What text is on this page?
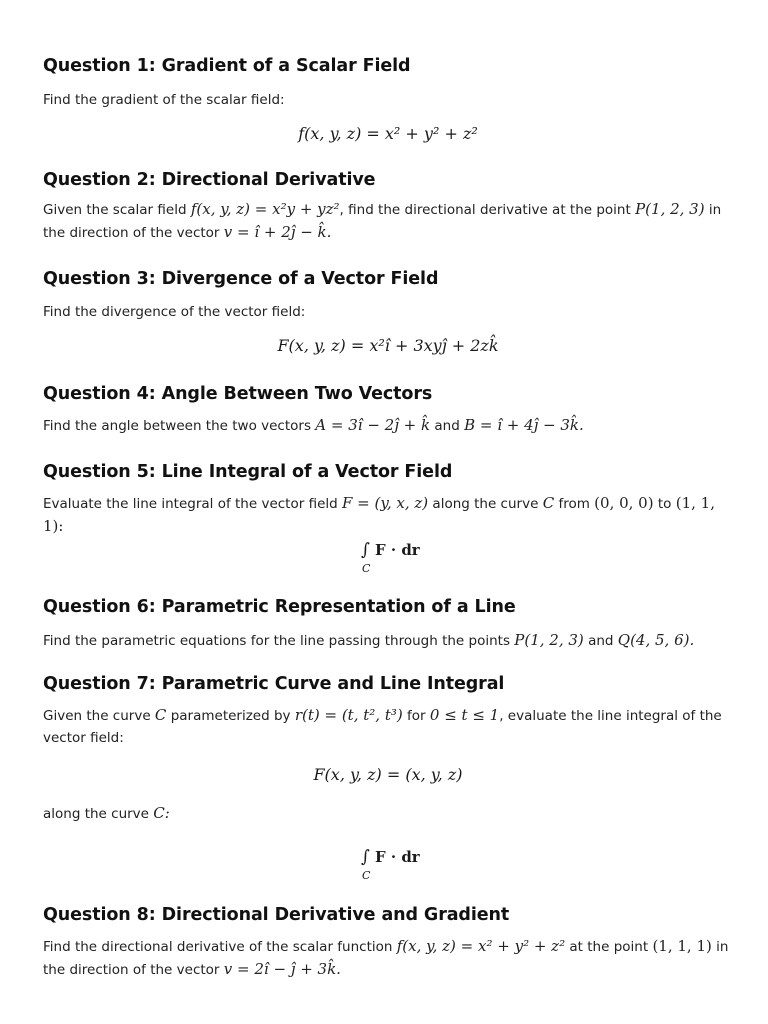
Question 1: Gradient of a Scalar Field
Find the gradient of the scalar field:
f(x, y, z) = x² + y² + z²
Question 2: Directional Derivative
Given the scalar field f(x, y, z) = x²y + yz², find the directional derivative at the point P(1, 2, 3) in
the direction of the vector v = î + 2ĵ − k̂.
Question 3: Divergence of a Vector Field
Find the divergence of the vector field:
F(x, y, z) = x²î + 3xyĵ + 2zk̂
Question 4: Angle Between Two Vectors
Find the angle between the two vectors A = 3î − 2ĵ + k̂ and B = î + 4ĵ − 3k̂.
Question 5: Line Integral of a Vector Field
Evaluate the line integral of the vector field F = (y, x, z) along the curve C from (0, 0, 0) to (1, 1, 1):
∫ F · dr
C
Question 6: Parametric Representation of a Line
Find the parametric equations for the line passing through the points P(1, 2, 3) and Q(4, 5, 6).
Question 7: Parametric Curve and Line Integral
Given the curve C parameterized by r(t) = (t, t², t³) for 0 ≤ t ≤ 1, evaluate the line integral of the
vector field:
F(x, y, z) = (x, y, z)
along the curve C:
∫ F · dr
C
Question 8: Directional Derivative and Gradient
Find the directional derivative of the scalar function f(x, y, z) = x² + y² + z² at the point (1, 1, 1) in
the direction of the vector v = 2î − ĵ + 3k̂.
